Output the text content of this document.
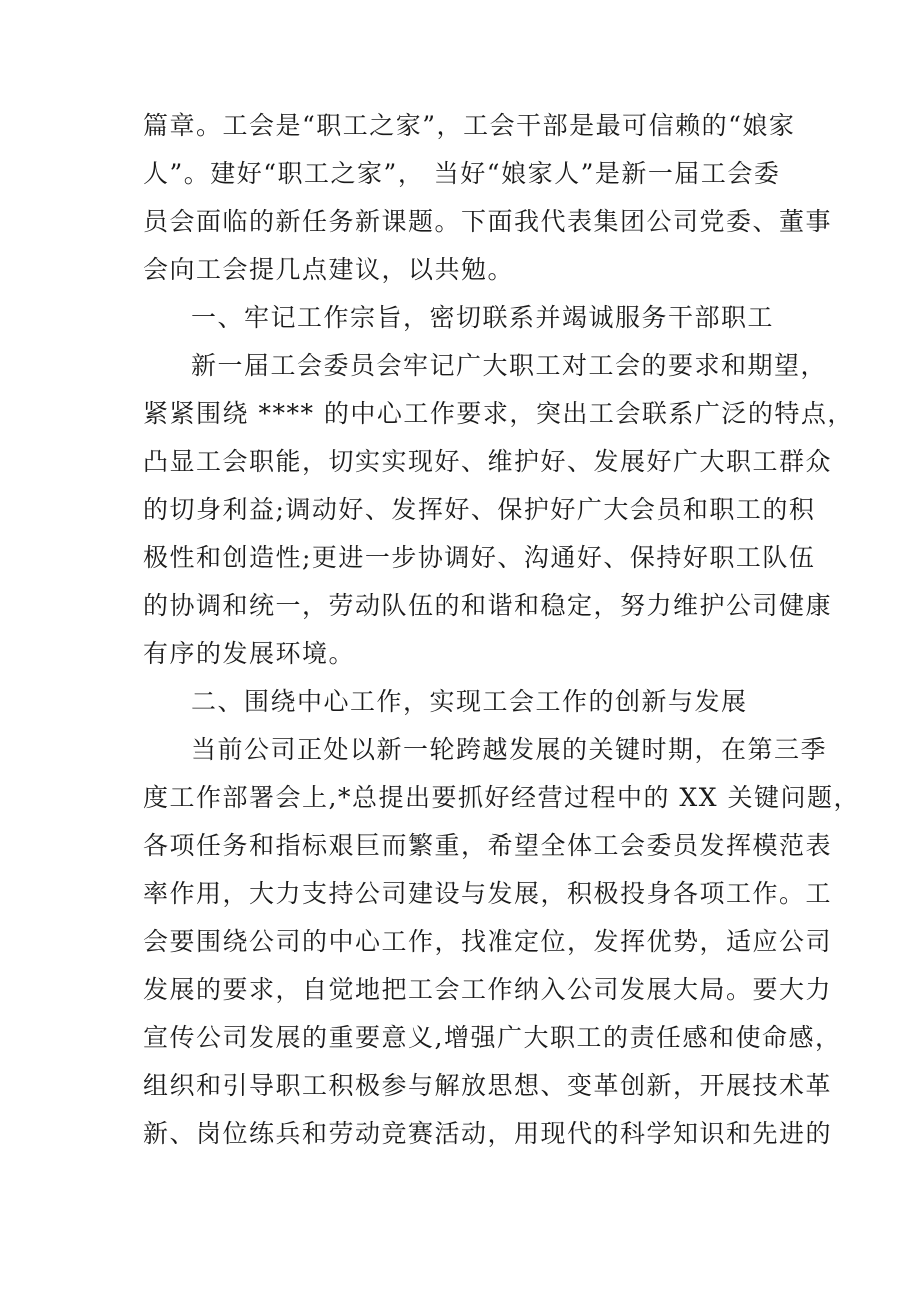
篇章。工会是“职工之家”，工会干部是最可信赖的“娘家
人”。建好“职工之家”， 当好“娘家人”是新一届工会委
员会面临的新任务新课题。下面我代表集团公司党委、董事
会向工会提几点建议，以共勉。
一、牢记工作宗旨，密切联系并竭诚服务干部职工
新一届工会委员会牢记广大职工对工会的要求和期望，
紧紧围绕 **** 的中心工作要求，突出工会联系广泛的特点，
凸显工会职能，切实实现好、维护好、发展好广大职工群众
的切身利益;调动好、发挥好、保护好广大会员和职工的积
极性和创造性;更进一步协调好、沟通好、保持好职工队伍
的协调和统一，劳动队伍的和谐和稳定，努力维护公司健康
有序的发展环境。
二、围绕中心工作，实现工会工作的创新与发展
当前公司正处以新一轮跨越发展的关键时期，在第三季
度工作部署会上,*总提出要抓好经营过程中的 XX 关键问题，
各项任务和指标艰巨而繁重，希望全体工会委员发挥模范表
率作用，大力支持公司建设与发展，积极投身各项工作。工
会要围绕公司的中心工作，找准定位，发挥优势，适应公司
发展的要求，自觉地把工会工作纳入公司发展大局。要大力
宣传公司发展的重要意义,增强广大职工的责任感和使命感，
组织和引导职工积极参与解放思想、变革创新，开展技术革
新、岗位练兵和劳动竞赛活动，用现代的科学知识和先进的
